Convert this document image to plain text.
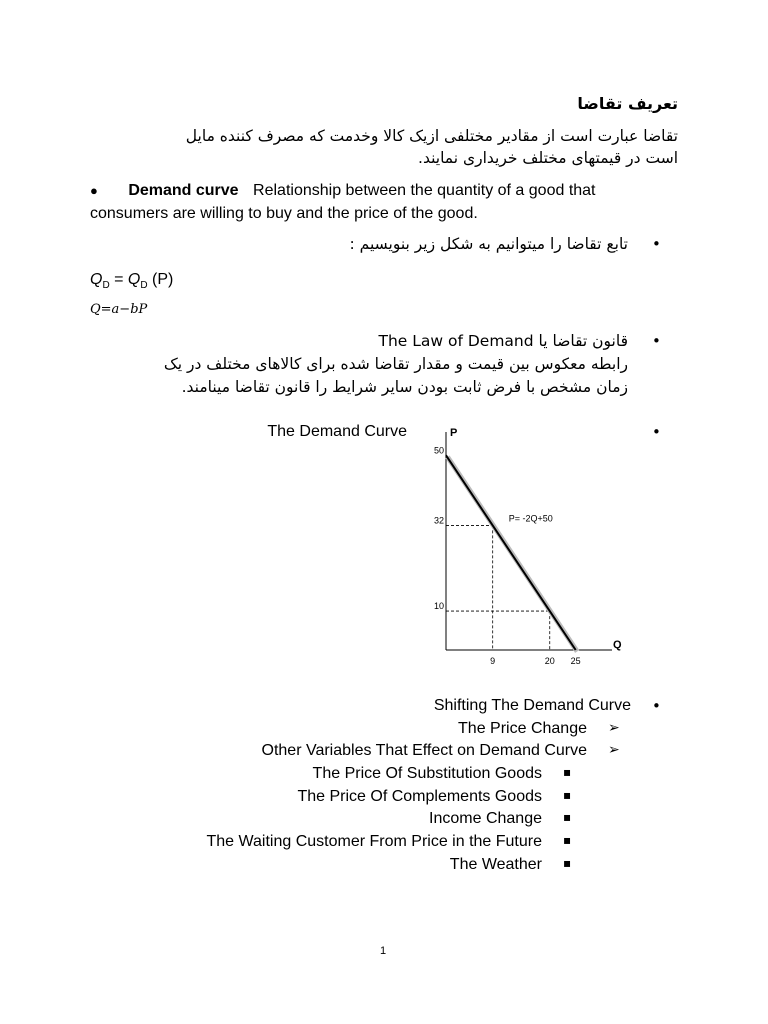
تعریف تقاضا
تقاضا عبارت است از مقادیر مختلفی ازیک کالا وخدمت که مصرف کننده مایل
است در قیمتهای مختلف خریداری نمایند.
● Demand curve Relationship between the quantity of a good that
consumers are willing to buy and the price of the good.
•
تابع تقاضا را میتوانیم به شکل زیر بنویسیم :
$Q_D = Q_D$ (P)
Q=a−bP
•
قانون تقاضا یا The Law of Demand
رابطه معکوس بین قیمت و مقدار تقاضا شده برای کالاهای مختلف در یک
زمان مشخص با فرض ثابت بودن سایر شرایط را قانون تقاضا مینامند.
•
The Demand Curve	P
Q
10
32
50
9	20 25
P= -2Q+50
•
Shifting The Demand Curve
➢
The Price Change
➢
Other Variables That Effect on Demand Curve
▪
The Price Of Substitution Goods
▪
The Price Of Complements Goods
▪
Income Change
▪
The Waiting Customer From Price in the Future
▪
The Weather
1
